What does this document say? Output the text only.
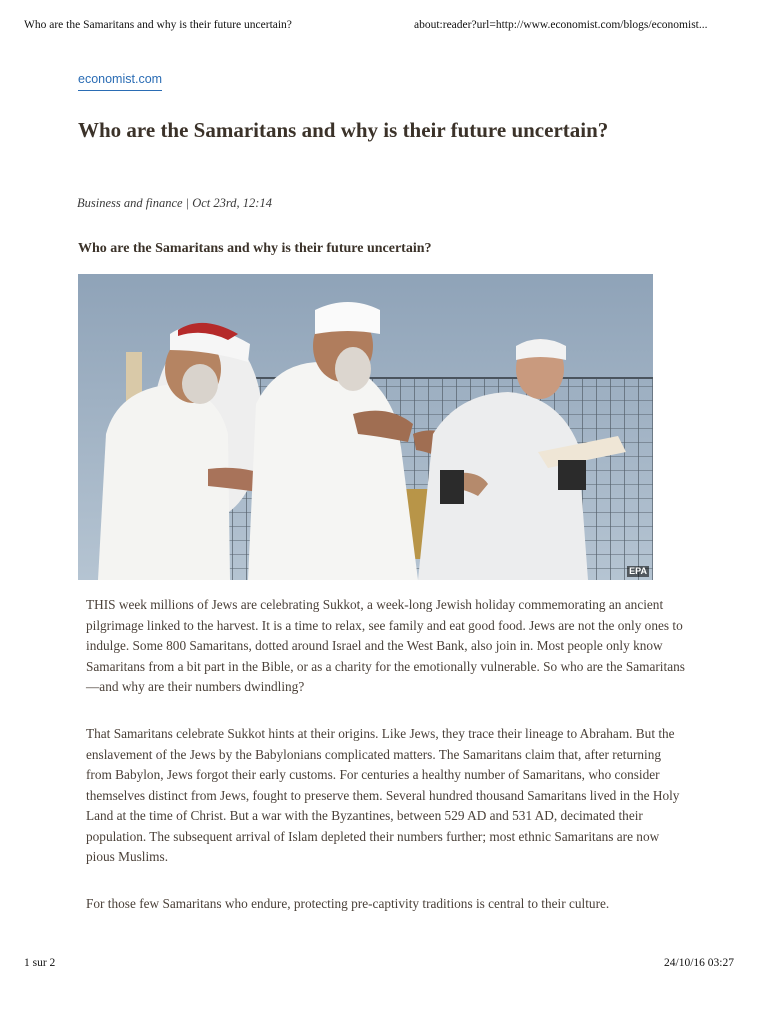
Who are the Samaritans and why is their future uncertain?	about:reader?url=http://www.economist.com/blogs/economist...
economist.com
Who are the Samaritans and why is their future uncertain?
Business and finance | Oct 23rd, 12:14
Who are the Samaritans and why is their future uncertain?
EPA

THIS week millions of Jews are celebrating Sukkot, a week-long Jewish holiday commemorating an ancient pilgrimage linked to the harvest. It is a time to relax, see family and eat good food. Jews are not the only ones to indulge. Some 800 Samaritans, dotted around Israel and the West Bank, also join in. Most people only know Samaritans from a bit part in the Bible, or as a charity for the emotionally vulnerable. So who are the Samaritans—and why are their numbers dwindling?

That Samaritans celebrate Sukkot hints at their origins. Like Jews, they trace their lineage to Abraham. But the enslavement of the Jews by the Babylonians complicated matters. The Samaritans claim that, after returning from Babylon, Jews forgot their early customs. For centuries a healthy number of Samaritans, who consider themselves distinct from Jews, fought to preserve them. Several hundred thousand Samaritans lived in the Holy Land at the time of Christ. But a war with the Byzantines, between 529 AD and 531 AD, decimated their population. The subsequent arrival of Islam depleted their numbers further; most ethnic Samaritans are now pious Muslims.

For those few Samaritans who endure, protecting pre-captivity traditions is central to their culture.

1 sur 2	24/10/16 03:27
